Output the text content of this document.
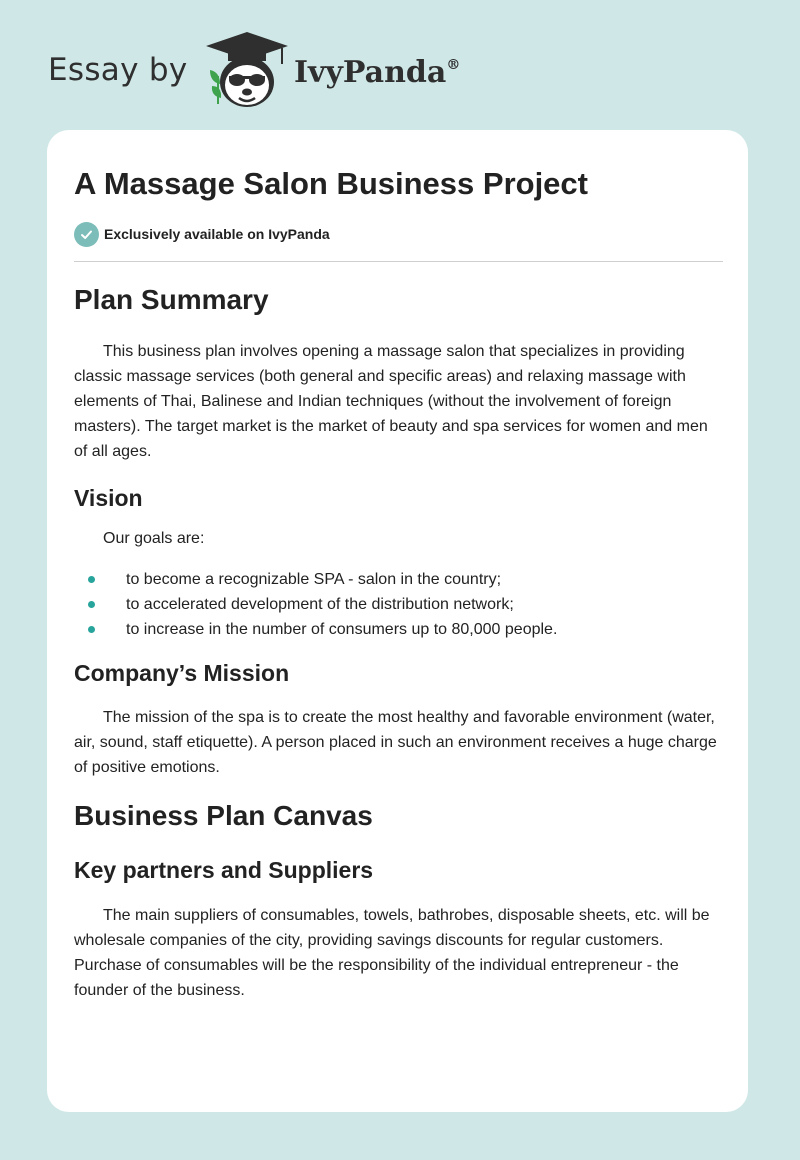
Essay by	IvyPanda®
A Massage Salon Business Project
Exclusively available on IvyPanda
Plan Summary

This business plan involves opening a massage salon that specializes in providing classic massage services (both general and specific areas) and relaxing massage with elements of Thai, Balinese and Indian techniques (without the involvement of foreign masters). The target market is the market of beauty and spa services for women and men of all ages.

Vision

Our goals are:

to become a recognizable SPA - salon in the country;
to accelerated development of the distribution network;
to increase in the number of consumers up to 80,000 people.
Company’s Mission

The mission of the spa is to create the most healthy and favorable environment (water, air, sound, staff etiquette). A person placed in such an environment receives a huge charge of positive emotions.

Business Plan Canvas
Key partners and Suppliers

The main suppliers of consumables, towels, bathrobes, disposable sheets, etc. will be wholesale companies of the city, providing savings discounts for regular customers. Purchase of consumables will be the responsibility of the individual entrepreneur - the founder of the business.
